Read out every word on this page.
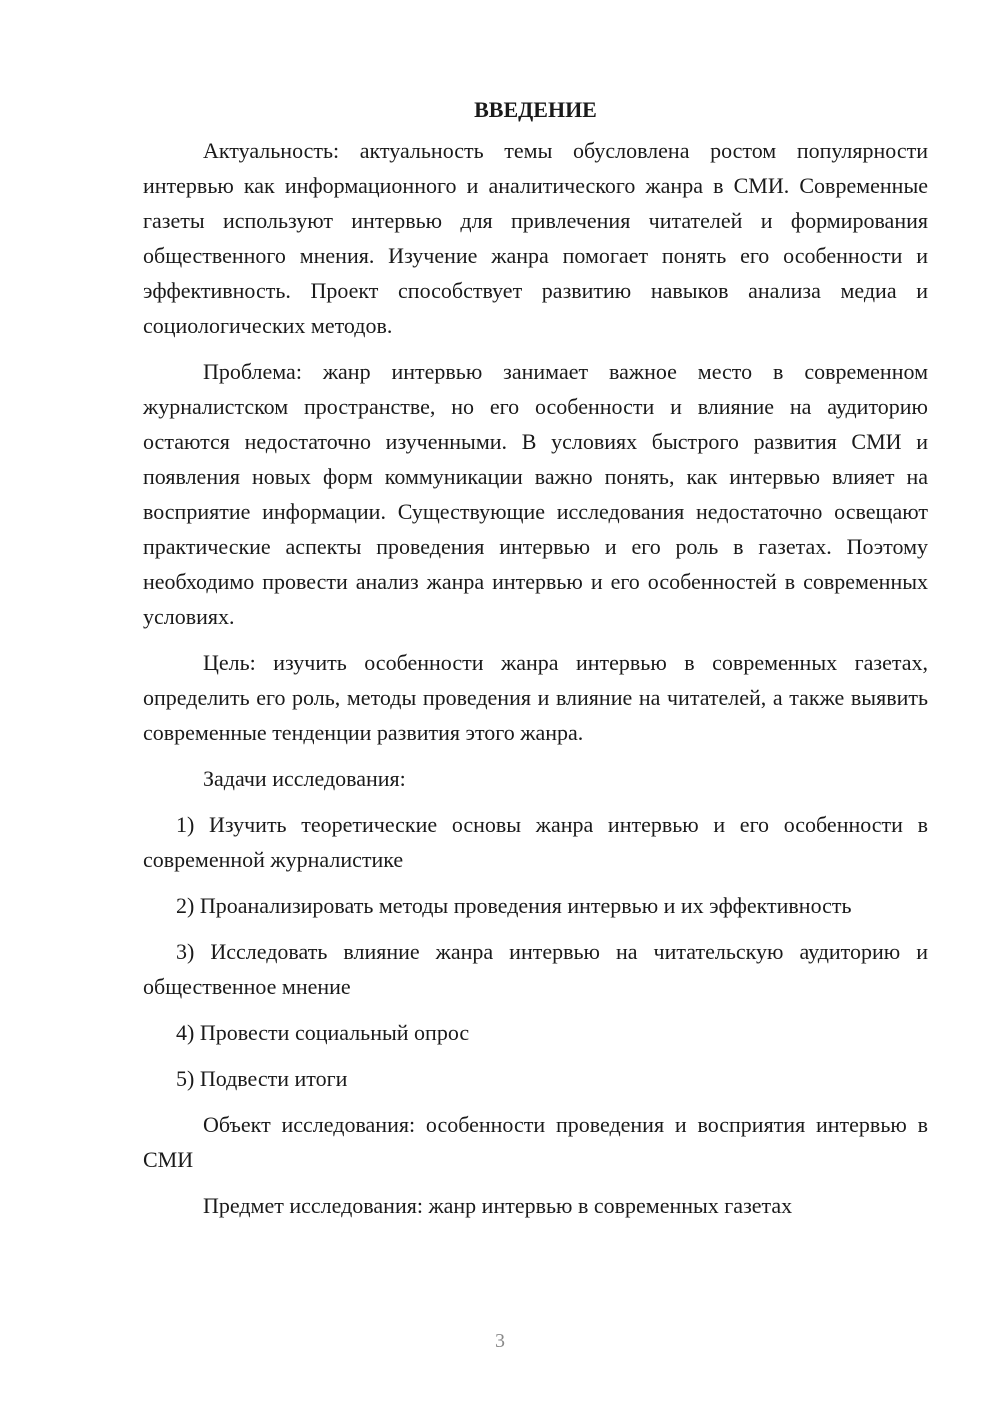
ВВЕДЕНИЕ

Актуальность: актуальность темы обусловлена ростом популярности интервью как информационного и аналитического жанра в СМИ. Современные газеты используют интервью для привлечения читателей и формирования общественного мнения. Изучение жанра помогает понять его особенности и эффективность. Проект способствует развитию навыков анализа медиа и социологических методов.

Проблема: жанр интервью занимает важное место в современном журналистском пространстве, но его особенности и влияние на аудиторию остаются недостаточно изученными. В условиях быстрого развития СМИ и появления новых форм коммуникации важно понять, как интервью влияет на восприятие информации. Существующие исследования недостаточно освещают практические аспекты проведения интервью и его роль в газетах. Поэтому необходимо провести анализ жанра интервью и его особенностей в современных условиях.

Цель: изучить особенности жанра интервью в современных газетах, определить его роль, методы проведения и влияние на читателей, а также выявить современные тенденции развития этого жанра.

Задачи исследования:

1) Изучить теоретические основы жанра интервью и его особенности в современной журналистике

2) Проанализировать методы проведения интервью и их эффективность

3) Исследовать влияние жанра интервью на читательскую аудиторию и общественное мнение

4) Провести социальный опрос

5) Подвести итоги

Объект исследования: особенности проведения и восприятия интервью в СМИ

Предмет исследования: жанр интервью в современных газетах

3
